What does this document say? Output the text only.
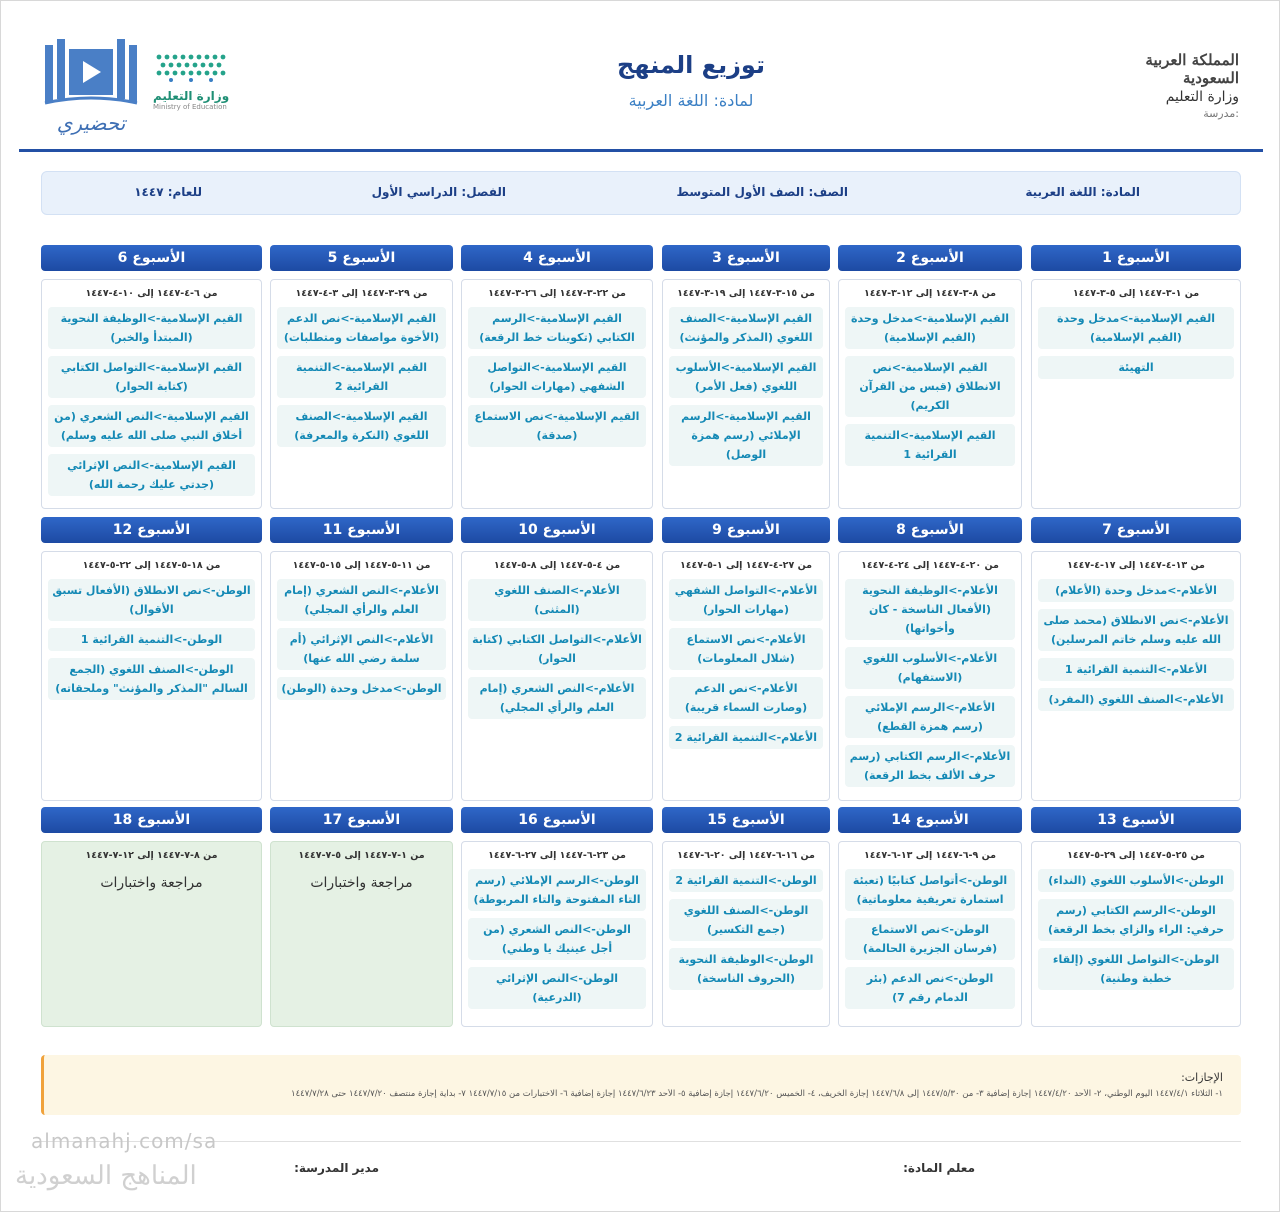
المملكة العربية السعودية
وزارة التعليم
مدرسة:
توزيع المنهج
لمادة: اللغة العربية
وزارة التعليم
Ministry of Education
تحضيري
المادة: اللغة العربية
الصف: الصف الأول المتوسط
الفصل: الدراسي الأول
للعام: ١٤٤٧
الأسبوع 1
من ١-٣-١٤٤٧ إلى ٥-٣-١٤٤٧
القيم الإسلامية->مدخل وحدة (القيم الإسلامية)
التهيئة
الأسبوع 2
من ٨-٣-١٤٤٧ إلى ١٢-٣-١٤٤٧
القيم الإسلامية->مدخل وحدة (القيم الإسلامية)
القيم الإسلامية->نص الانطلاق (قبس من القرآن الكريم)
القيم الإسلامية->التنمية القرائية 1
الأسبوع 3
من ١٥-٣-١٤٤٧ إلى ١٩-٣-١٤٤٧
القيم الإسلامية->الصنف اللغوي (المذكر والمؤنث)
القيم الإسلامية->الأسلوب اللغوي (فعل الأمر)
القيم الإسلامية->الرسم الإملائي (رسم همزة الوصل)
الأسبوع 4
من ٢٢-٣-١٤٤٧ إلى ٢٦-٣-١٤٤٧
القيم الإسلامية->الرسم الكتابي (تكوينات خط الرقعة)
القيم الإسلامية->التواصل الشفهي (مهارات الحوار)
القيم الإسلامية->نص الاستماع (صدقة)
الأسبوع 5
من ٢٩-٣-١٤٤٧ إلى ٣-٤-١٤٤٧
القيم الإسلامية->نص الدعم (الأخوة مواصفات ومتطلبات)
القيم الإسلامية->التنمية القرائية 2
القيم الإسلامية->الصنف اللغوي (النكرة والمعرفة)
الأسبوع 6
من ٦-٤-١٤٤٧ إلى ١٠-٤-١٤٤٧
القيم الإسلامية->الوظيفة النحوية (المبتدأ والخبر)
القيم الإسلامية->التواصل الكتابي (كتابة الحوار)
القيم الإسلامية->النص الشعري (من أخلاق النبي صلى الله عليه وسلم)
القيم الإسلامية->النص الإثرائي (جدتي عليك رحمة الله)
الأسبوع 7
من ١٣-٤-١٤٤٧ إلى ١٧-٤-١٤٤٧
الأعلام->مدخل وحدة (الأعلام)
الأعلام->نص الانطلاق (محمد صلى الله عليه وسلم خاتم المرسلين)
الأعلام->التنمية القرائية 1
الأعلام->الصنف اللغوي (المفرد)
الأسبوع 8
من ٢٠-٤-١٤٤٧ إلى ٢٤-٤-١٤٤٧
الأعلام->الوظيفة النحوية (الأفعال الناسخة - كان وأخواتها)
الأعلام->الأسلوب اللغوي (الاستفهام)
الأعلام->الرسم الإملائي (رسم همزة القطع)
الأعلام->الرسم الكتابي (رسم حرف الألف بخط الرقعة)
الأسبوع 9
من ٢٧-٤-١٤٤٧ إلى ١-٥-١٤٤٧
الأعلام->التواصل الشفهي (مهارات الحوار)
الأعلام->نص الاستماع (شلال المعلومات)
الأعلام->نص الدعم (وصارت السماء قريبة)
الأعلام->التنمية القرائية 2
الأسبوع 10
من ٤-٥-١٤٤٧ إلى ٨-٥-١٤٤٧
الأعلام->الصنف اللغوي (المثنى)
الأعلام->التواصل الكتابي (كتابة الحوار)
الأعلام->النص الشعري (إمام العلم والرأي المجلي)
الأسبوع 11
من ١١-٥-١٤٤٧ إلى ١٥-٥-١٤٤٧
الأعلام->النص الشعري (إمام العلم والرأي المجلي)
الأعلام->النص الإثرائي (أم سلمة رضي الله عنها)
الوطن->مدخل وحدة (الوطن)
الأسبوع 12
من ١٨-٥-١٤٤٧ إلى ٢٢-٥-١٤٤٧
الوطن->نص الانطلاق (الأفعال تسبق الأقوال)
الوطن->التنمية القرائية 1
الوطن->الصنف اللغوي (الجمع السالم "المذكر والمؤنث" وملحقاته)
الأسبوع 13
من ٢٥-٥-١٤٤٧ إلى ٢٩-٥-١٤٤٧
الوطن->الأسلوب اللغوي (النداء)
الوطن->الرسم الكتابي (رسم حرفي: الراء والزاي بخط الرقعة)
الوطن->التواصل اللغوي (إلقاء خطبة وطنية)
الأسبوع 14
من ٩-٦-١٤٤٧ إلى ١٣-٦-١٤٤٧
الوطن->أتواصل كتابيًا (تعبئة استمارة تعريفية معلوماتية)
الوطن->نص الاستماع (فرسان الجزيرة الحالمة)
الوطن->نص الدعم (بئر الدمام رقم 7)
الأسبوع 15
من ١٦-٦-١٤٤٧ إلى ٢٠-٦-١٤٤٧
الوطن->التنمية القرائية 2
الوطن->الصنف اللغوي (جمع التكسير)
الوطن->الوظيفة النحوية (الحروف الناسخة)
الأسبوع 16
من ٢٣-٦-١٤٤٧ إلى ٢٧-٦-١٤٤٧
الوطن->الرسم الإملائي (رسم التاء المفتوحة والتاء المربوطة)
الوطن->النص الشعري (من أجل عينيك يا وطني)
الوطن->النص الإثرائي (الدرعية)
الأسبوع 17
من ١-٧-١٤٤٧ إلى ٥-٧-١٤٤٧
مراجعة واختبارات
الأسبوع 18
من ٨-٧-١٤٤٧ إلى ١٢-٧-١٤٤٧
مراجعة واختبارات
الإجازات:
١- الثلاثاء ١٤٤٧/٤/١ اليوم الوطني، ٢- الأحد ١٤٤٧/٤/٢٠ إجازة إضافية ٣- من ١٤٤٧/٥/٣٠ إلى ١٤٤٧/٦/٨ إجازة الخريف، ٤- الخميس ١٤٤٧/٦/٢٠ إجازة إضافية ٥- الأحد ١٤٤٧/٦/٢٣ إجازة إضافية ٦- الاختبارات من ١٤٤٧/٧/١٥ ٧- بداية إجازة منتصف ١٤٤٧/٧/٢٠ حتى ١٤٤٧/٧/٢٨
معلم المادة:
مدير المدرسة:
almanahj.com/sa
المناهج السعودية
